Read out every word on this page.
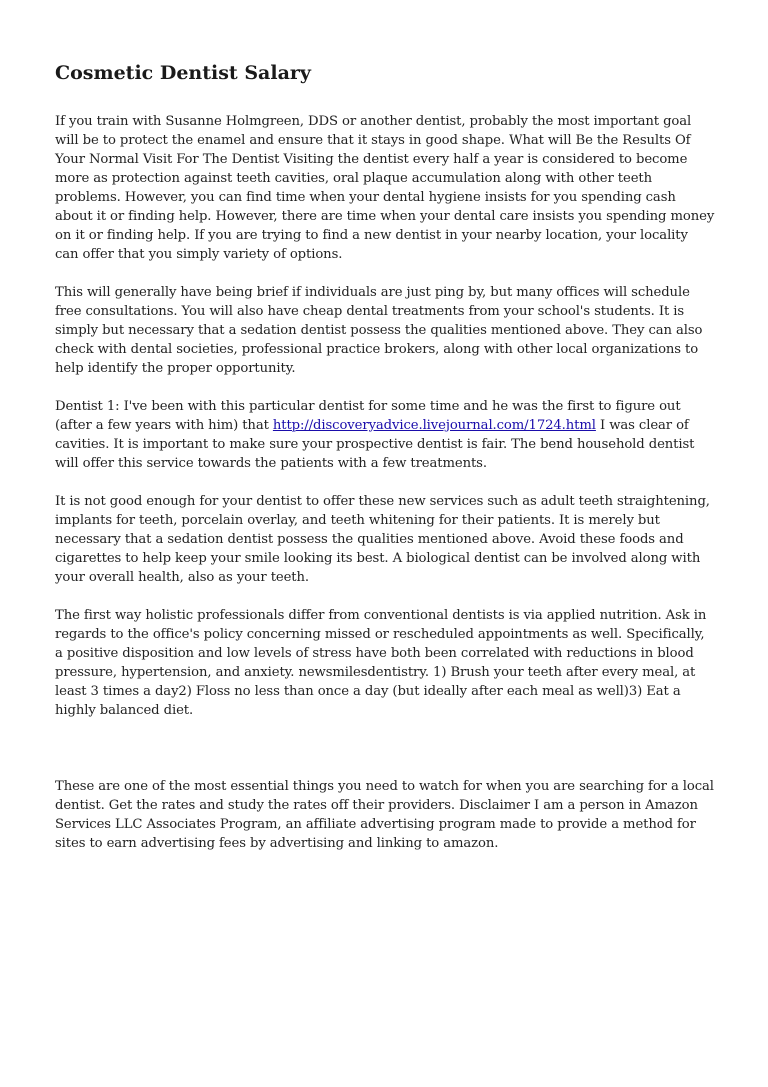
Cosmetic Dentist Salary

If you train with Susanne Holmgreen, DDS or another dentist, probably the most important goal will be to protect the enamel and ensure that it stays in good shape. What will Be the Results Of Your Normal Visit For The Dentist Visiting the dentist every half a year is considered to become more as protection against teeth cavities, oral plaque accumulation along with other teeth problems. However, you can find time when your dental hygiene insists for you spending cash about it or finding help. However, there are time when your dental care insists you spending money on it or finding help. If you are trying to find a new dentist in your nearby location, your locality can offer that you simply variety of options.

This will generally have being brief if individuals are just ping by, but many offices will schedule free consultations. You will also have cheap dental treatments from your school's students. It is simply but necessary that a sedation dentist possess the qualities mentioned above. They can also check with dental societies, professional practice brokers, along with other local organizations to help identify the proper opportunity.

Dentist 1: I've been with this particular dentist for some time and he was the first to figure out (after a few years with him) that http://discoveryadvice.livejournal.com/1724.html I was clear of cavities. It is important to make sure your prospective dentist is fair. The bend household dentist will offer this service towards the patients with a few treatments.

It is not good enough for your dentist to offer these new services such as adult teeth straightening, implants for teeth, porcelain overlay, and teeth whitening for their patients. It is merely but necessary that a sedation dentist possess the qualities mentioned above. Avoid these foods and cigarettes to help keep your smile looking its best. A biological dentist can be involved along with your overall health, also as your teeth.

The first way holistic professionals differ from conventional dentists is via applied nutrition. Ask in regards to the office's policy concerning missed or rescheduled appointments as well. Specifically, a positive disposition and low levels of stress have both been correlated with reductions in blood pressure, hypertension, and anxiety. newsmilesdentistry. 1) Brush your teeth after every meal, at least 3 times a day2) Floss no less than once a day (but ideally after each meal as well)3) Eat a highly balanced diet.

These are one of the most essential things you need to watch for when you are searching for a local dentist. Get the rates and study the rates off their providers. Disclaimer I am a person in Amazon Services LLC Associates Program, an affiliate advertising program made to provide a method for sites to earn advertising fees by advertising and linking to amazon.
